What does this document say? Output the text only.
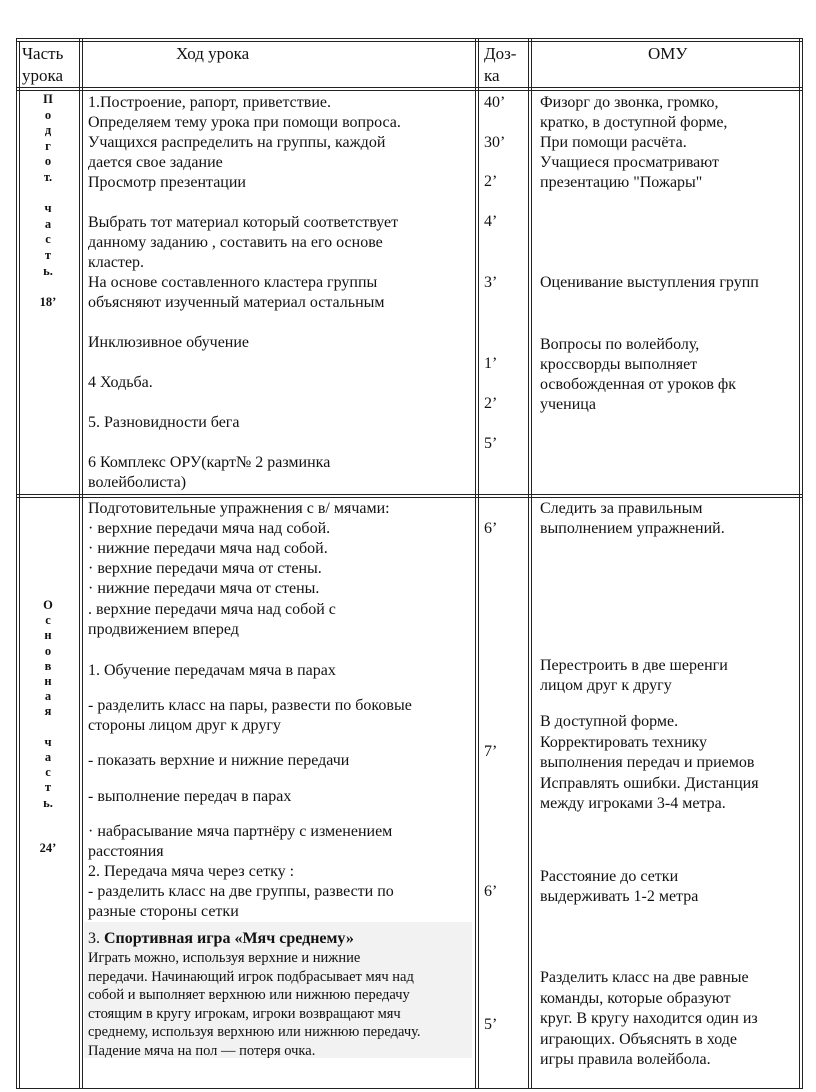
Часть
урока
Ход урока	Доз-
ка
ОМУ
П
о
д
г
о
т.
ч
а
с
т
ь.
18’
1.Построение, рапорт, приветствие.
Определяем тему урока при помощи вопроса.
Учащихся распределить на группы, каждой
дается свое задание
Просмотр презентации
Выбрать тот материал который соответствует
данному заданию , составить на его основе
кластер.
На основе составленного кластера группы
объясняют изученный материал остальным
Инклюзивное обучение
4 Ходьба.
5. Разновидности бега
6 Комплекс ОРУ(карт№ 2 разминка
волейболиста)
40’
30’
2’
4’
3’
1’
2’
5’
Физорг до звонка, громко,
кратко, в доступной форме,
При помощи расчёта.
Учащиеся просматривают
презентацию "Пожары"
Оценивание выступления групп
Вопросы по волейболу,
кроссворды выполняет
освобожденная от уроков фк
ученица
О
с
н
о
в
н
а
я
ч
а
с
т
ь.
24’
Подготовительные упражнения с в/ мячами:
· верхние передачи мяча над собой.
· нижние передачи мяча над собой.
· верхние передачи мяча от стены.
· нижние передачи мяча от стены.
. верхние передачи мяча над собой с
продвижением вперед
1. Обучение передачам мяча в парах
- разделить класс на пары, развести по боковые
стороны лицом друг к другу
- показать верхние и нижние передачи
- выполнение передач в парах
· набрасывание мяча партнёру с изменением
расстояния
2. Передача мяча через сетку :
- разделить класс на две группы, развести по
разные стороны сетки
3. Спортивная игра «Мяч среднему»
Играть можно, используя верхние и нижние
передачи. Начинающий игрок подбрасывает мяч над
собой и выполняет верхнюю или нижнюю передачу
стоящим в кругу игрокам, игроки возвращают мяч
среднему, используя верхнюю или нижнюю передачу.
Падение мяча на пол — потеря очка.
6’
7’
6’
5’
Следить за правильным
выполнением упражнений.
Перестроить в две шеренги
лицом друг к другу
В доступной форме.
Корректировать технику
выполнения передач и приемов
Исправлять ошибки. Дистанция
между игроками 3-4 метра.
Расстояние до сетки
выдерживать 1-2 метра
Разделить класс на две равные
команды, которые образуют
круг. В кругу находится один из
играющих. Объяснять в ходе
игры правила волейбола.
